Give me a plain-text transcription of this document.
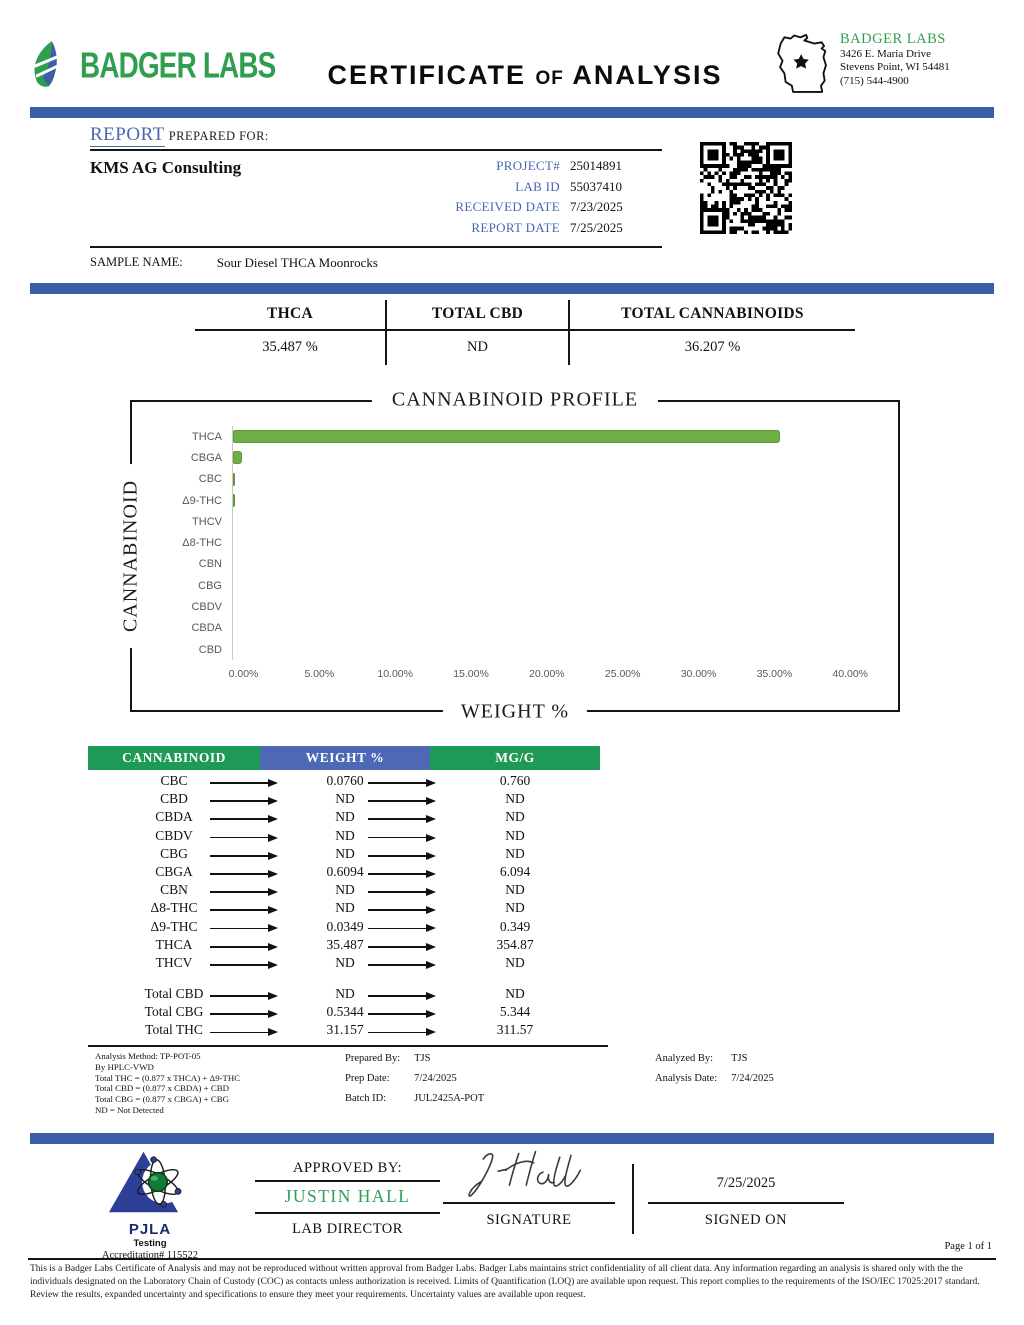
BADGER LABS	CERTIFICATE OF ANALYSIS
BADGER LABS
3426 E. Maria Drive
Stevens Point, WI 54481
(715) 544-4900
REPORT PREPARED FOR:
KMS AG Consulting	PROJECT# 25014891
LAB ID 55037410
RECEIVED DATE 7/23/2025
REPORT DATE 7/25/2025
SAMPLE NAME:	Sour Diesel THCA Moonrocks
THCA	TOTAL CBD	TOTAL CANNABINOIDS
35.487 %	ND	36.207 %
CANNABINOID PROFILE
CANNABINOID
WEIGHT %
THCA
CBGA
CBC
Δ9-THC
THCV
Δ8-THC
CBN
CBG
CBDV
CBDA
CBD
0.00%	5.00%	10.00%	15.00%	20.00%	25.00%	30.00%	35.00%	40.00%
CANNABINOID	WEIGHT %	MG/G
CBC	0.0760	0.760
CBD	ND	ND
CBDA	ND	ND
CBDV	ND	ND
CBG	ND	ND
CBGA	0.6094	6.094
CBN	ND	ND
Δ8-THC	ND	ND
Δ9-THC	0.0349	0.349
THCA	35.487	354.87
THCV	ND	ND
Total CBD	ND	ND
Total CBG	0.5344	5.344
Total THC	31.157	311.57
Analysis Method: TP-POT-05
By HPLC-VWD
Total THC = (0.877 x THCA) + Δ9-THC
Total CBD = (0.877 x CBDA) + CBD
Total CBG = (0.877 x CBGA) + CBG
ND = Not Detected
Prepared By: TJS
Prep Date:	7/24/2025
Batch ID:	JUL2425A-POT
Analyzed By:	TJS
Analysis Date: 7/24/2025
PJLA
Testing
Accreditation# 115522
APPROVED BY:
JUSTIN HALL
LAB DIRECTOR
SIGNATURE
7/25/2025
SIGNED ON
Page 1 of 1
This is a Badger Labs Certificate of Analysis and may not be reproduced without written approval from Badger Labs. Badger Labs maintains strict confidentiality of all client data. Any information regarding an analysis is shared only with the the individuals designated on the Laboratory Chain of Custody (COC) as contacts unless authorization is received. Limits of Quantification (LOQ) are available upon request. This report complies to the requirements of the ISO/IEC 17025:2017 standard. Review the results, expanded uncertainty and specifications to ensure they meet your requirements. Uncertainty values are available upon request.
